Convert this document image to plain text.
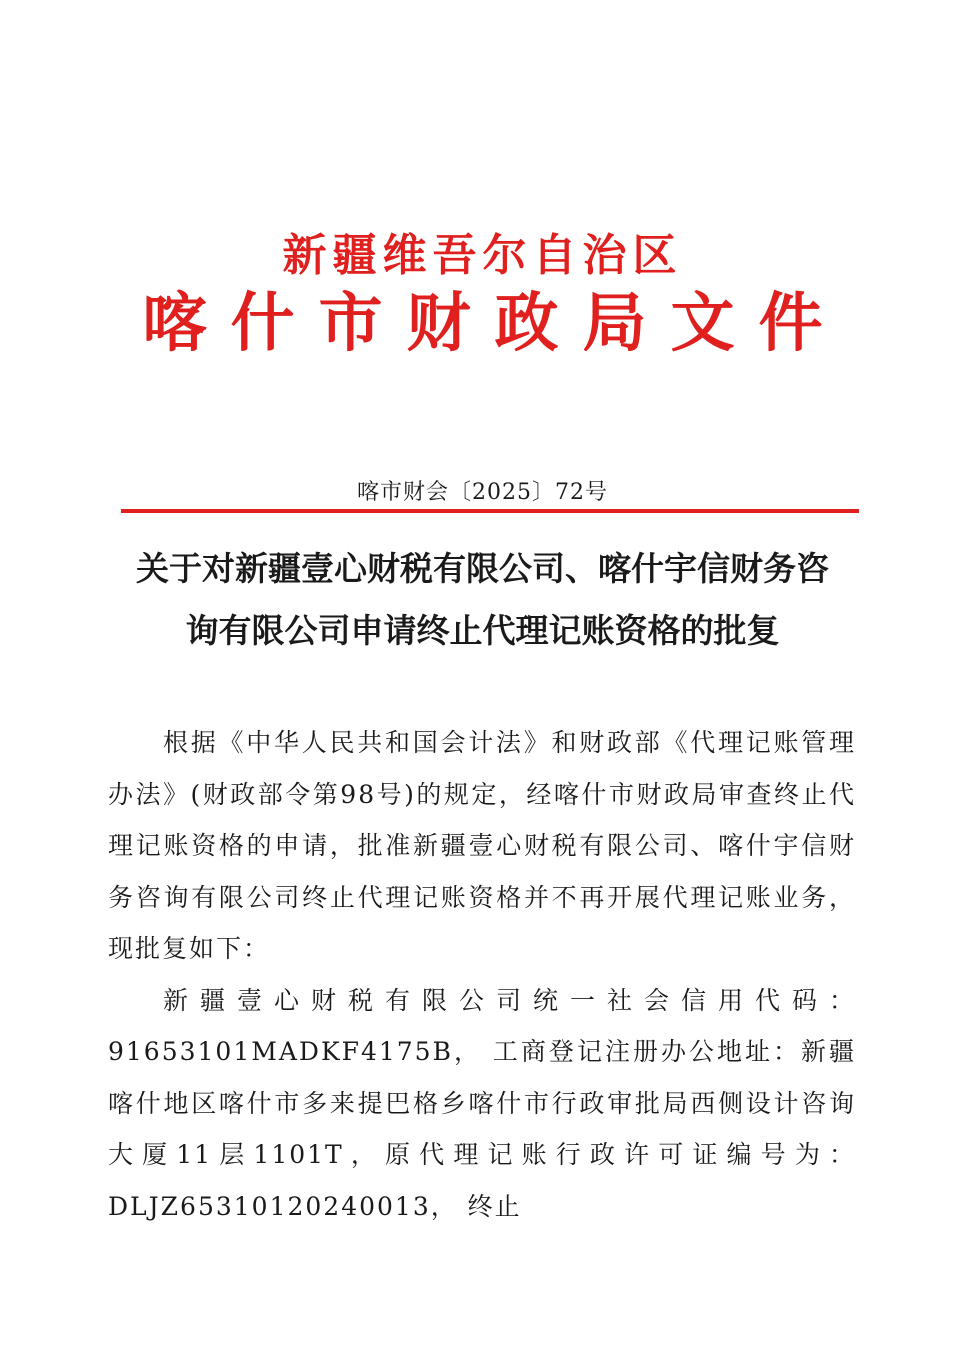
新疆维吾尔自治区
喀什市财政局文件
喀市财会〔2025〕72号
关于对新疆壹心财税有限公司、喀什宇信财务咨
询有限公司申请终止代理记账资格的批复

根据《中华人民共和国会计法》和财政部《代理记账管理办法》(财政部令第98号)的规定，经喀什市财政局审查终止代理记账资格的申请，批准新疆壹心财税有限公司、喀什宇信财务咨询有限公司终止代理记账资格并不再开展代理记账业务，现批复如下：

新疆壹心财税有限公司统一社会信用代码：91653101MADKF4175B， 工商登记注册办公地址：新疆喀什地区喀什市多来提巴格乡喀什市行政审批局西侧设计咨询大厦11层1101T，原代理记账行政许可证编号为： DLJZ65310120240013， 终止
